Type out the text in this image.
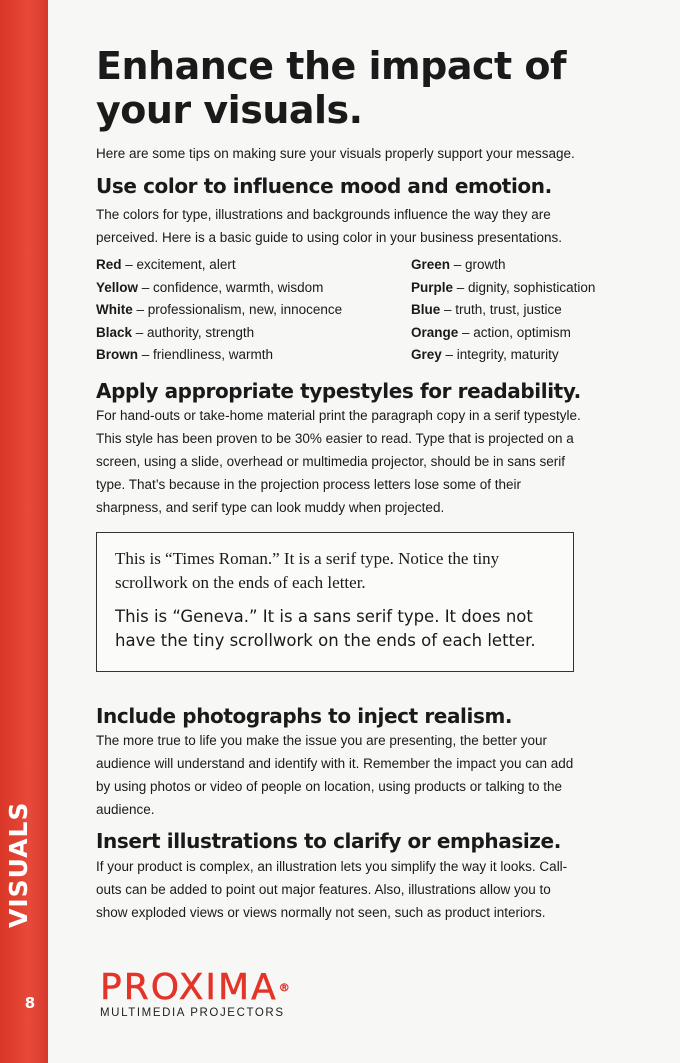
VISUALS
8
Enhance the impact of your visuals.
Here are some tips on making sure your visuals properly support your message.
Use color to influence mood and emotion.

The colors for type, illustrations and backgrounds influence the way they are
perceived. Here is a basic guide to using color in your business presentations.

Red – excitement, alert
Yellow – confidence, warmth, wisdom
White – professionalism, new, innocence
Black – authority, strength
Brown – friendliness, warmth
Green – growth
Purple – dignity, sophistication
Blue – truth, trust, justice
Orange – action, optimism
Grey – integrity, maturity
Apply appropriate typestyles for readability.

For hand-outs or take-home material print the paragraph copy in a serif typestyle.
This style has been proven to be 30% easier to read. Type that is projected on a
screen, using a slide, overhead or multimedia projector, should be in sans serif
type. That’s because in the projection process letters lose some of their
sharpness, and serif type can look muddy when projected.

This is “Times Roman.” It is a serif type. Notice the tiny
scrollwork on the ends of each letter.

This is “Geneva.” It is a sans serif type. It does not
have the tiny scrollwork on the ends of each letter.

Include photographs to inject realism.

The more true to life you make the issue you are presenting, the better your
audience will understand and identify with it. Remember the impact you can add
by using photos or video of people on location, using products or talking to the
audience.

Insert illustrations to clarify or emphasize.

If your product is complex, an illustration lets you simplify the way it looks. Call-
outs can be added to point out major features. Also, illustrations allow you to
show exploded views or views normally not seen, such as product interiors.

PROXIMA®
MULTIMEDIA PROJECTORS
